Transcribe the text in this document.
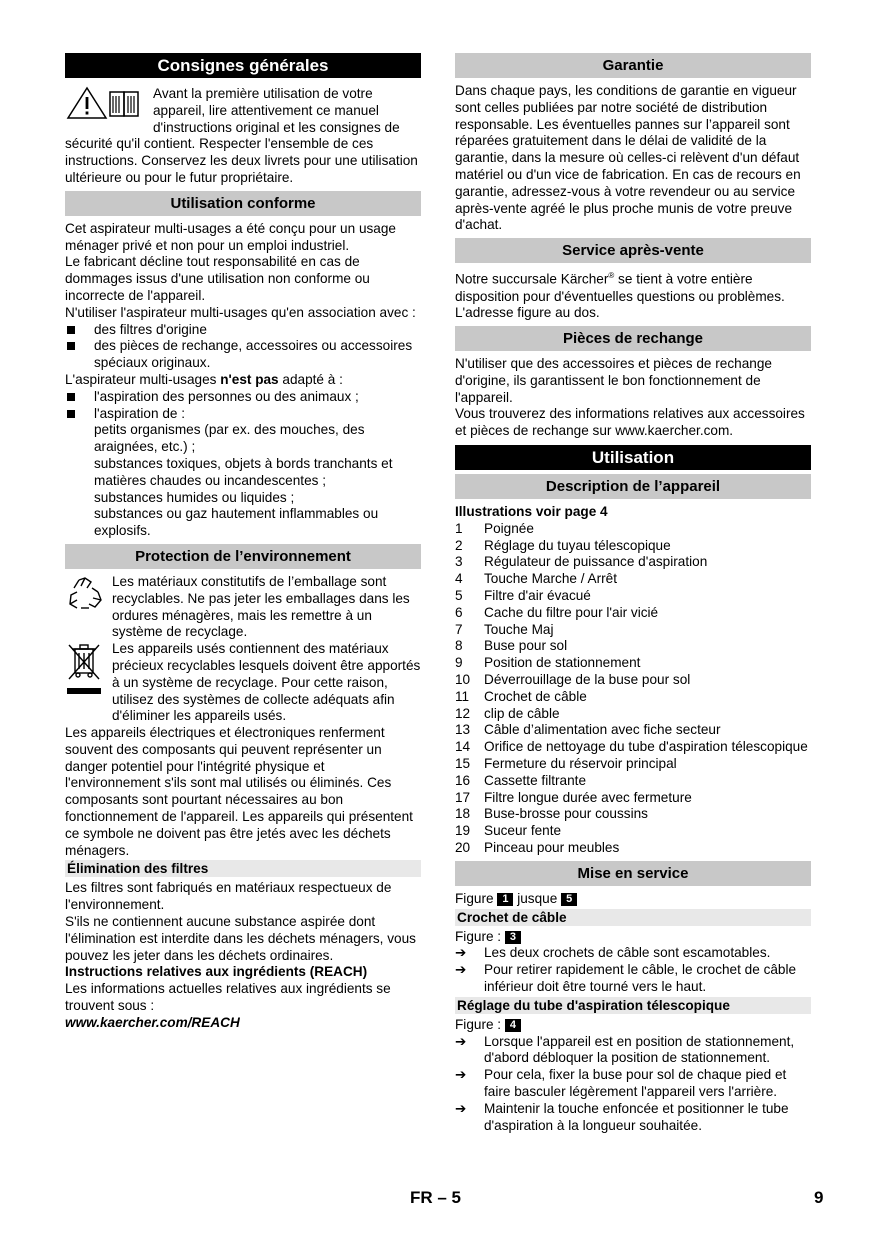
Consignes générales

Avant la première utilisation de votre appareil, lire attentivement ce manuel d'instructions original et les consignes de sécurité qu'il contient. Respecter l'ensemble de ces instructions. Conservez les deux livrets pour une utilisation ultérieure ou pour le futur propriétaire.

Utilisation conforme

Cet aspirateur multi-usages a été conçu pour un usage ménager privé et non pour un emploi industriel.

Le fabricant décline tout responsabilité en cas de dommages issus d'une utilisation non conforme ou incorrecte de l'appareil.

N'utiliser l'aspirateur multi-usages qu'en association avec :

des filtres d'origine
des pièces de rechange, accessoires ou accessoires spéciaux originaux.

L'aspirateur multi-usages n'est pas adapté à :

l'aspiration des personnes ou des animaux ;
l'aspiration de :

petits organismes (par ex. des mouches, des araignées, etc.) ;

substances toxiques, objets à bords tranchants et matières chaudes ou incandescentes ;

substances humides ou liquides ;

substances ou gaz hautement inflammables ou explosifs.

Protection de l’environnement

Les matériaux constitutifs de l’emballage sont recyclables. Ne pas jeter les emballages dans les ordures ménagères, mais les remettre à un système de recyclage.

Les appareils usés contiennent des matériaux précieux recyclables lesquels doivent être apportés à un système de recyclage. Pour cette raison, utilisez des systèmes de collecte adéquats afin d'éliminer les appareils usés.

Les appareils électriques et électroniques renferment souvent des composants qui peuvent représenter un danger potentiel pour l'intégrité physique et l'environnement s'ils sont mal utilisés ou éliminés. Ces composants sont pourtant nécessaires au bon fonctionnement de l'appareil. Les appareils qui présentent ce symbole ne doivent pas être jetés avec les déchets ménagers.

Élimination des filtres

Les filtres sont fabriqués en matériaux respectueux de l'environnement.

S'ils ne contiennent aucune substance aspirée dont l'élimination est interdite dans les déchets ménagers, vous pouvez les jeter dans les déchets ordinaires.

Instructions relatives aux ingrédients (REACH)

Les informations actuelles relatives aux ingrédients se trouvent sous :

www.kaercher.com/REACH

Garantie

Dans chaque pays, les conditions de garantie en vigueur sont celles publiées par notre société de distribution responsable. Les éventuelles pannes sur l’appareil sont réparées gratuitement dans le délai de validité de la garantie, dans la mesure où celles-ci relèvent d'un défaut matériel ou d'un vice de fabrication. En cas de recours en garantie, adressez-vous à votre revendeur ou au service après-vente agréé le plus proche munis de votre preuve d'achat.

Service après-vente

Notre succursale Kärcher® se tient à votre entière disposition pour d'éventuelles questions ou problèmes. L'adresse figure au dos.

Pièces de rechange

N'utiliser que des accessoires et pièces de rechange d'origine, ils garantissent le bon fonctionnement de l'appareil.

Vous trouverez des informations relatives aux accessoires et pièces de rechange sur www.kaercher.com.

Utilisation
Description de l’appareil

Illustrations voir page 4

1	Poignée
2	Réglage du tuyau télescopique
3	Régulateur de puissance d'aspiration
4	Touche Marche / Arrêt
5	Filtre d'air évacué
6	Cache du filtre pour l'air vicié
7	Touche Maj
8	Buse pour sol
9	Position de stationnement
10	Déverrouillage de la buse pour sol
11	Crochet de câble
12	clip de câble
13	Câble d’alimentation avec fiche secteur
14	Orifice de nettoyage du tube d'aspiration télescopique
15	Fermeture du réservoir principal
16	Cassette filtrante
17	Filtre longue durée avec fermeture
18	Buse-brosse pour coussins
19	Suceur fente
20	Pinceau pour meubles
Mise en service

Figure 1 jusque 5

Crochet de câble

Figure : 3

➔ Les deux crochets de câble sont escamotables.
➔ Pour retirer rapidement le câble, le crochet de câble inférieur doit être tourné vers le haut.
Réglage du tube d'aspiration télescopique

Figure : 4

➔ Lorsque l'appareil est en position de stationnement, d'abord débloquer la position de stationnement.
➔ Pour cela, fixer la buse pour sol de chaque pied et faire basculer légèrement l'appareil vers l'arrière.
➔ Maintenir la touche enfoncée et positionner le tube d'aspiration à la longueur souhaitée.
FR – 5	9
